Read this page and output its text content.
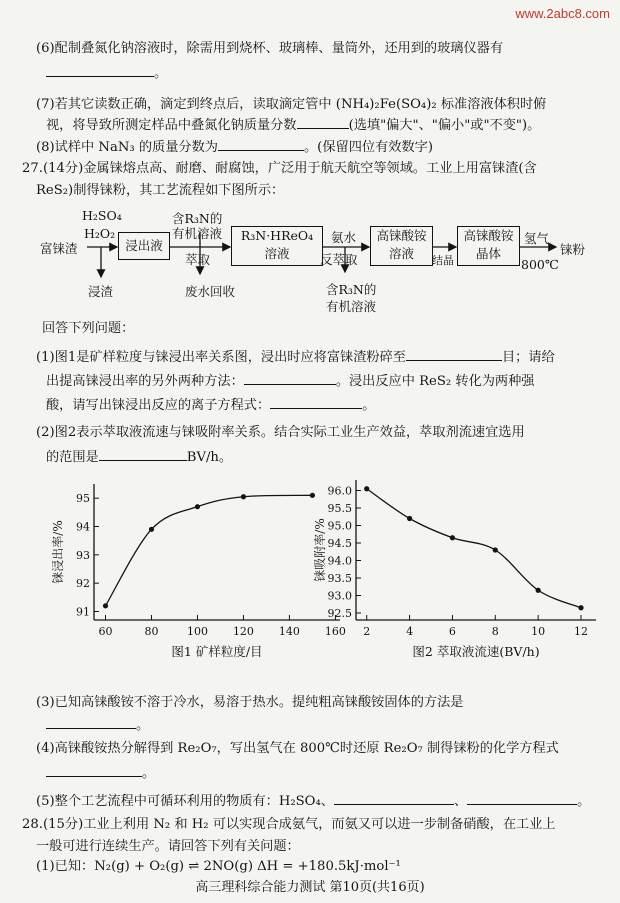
www.2abc8.com
(6)配制叠氮化钠溶液时，除需用到烧杯、玻璃棒、量筒外，还用到的玻璃仪器有
。
(7)若其它读数正确，滴定到终点后，读取滴定管中 (NH₄)₂Fe(SO₄)₂ 标准溶液体积时俯
视，将导致所测定样品中叠氮化钠质量分数	(选填"偏大"、"偏小"或"不变")。
(8)试样中 NaN₃ 的质量分数为	。(保留四位有效数字)
27.(14分)金属铼熔点高、耐磨、耐腐蚀，广泛用于航天航空等领域。工业上用富铼渣(含
ReS₂)制得铼粉，其工艺流程如下图所示：
H₂SO₄
H₂O₂
富铼渣	浸出液
含R₃N的
有机溶液
萃取
R₃N·HReO₄
溶液
氨水
反萃取
高铼酸铵
溶液	结晶
高铼酸铵
晶体
氢气
800℃
铼粉
浸渣	废水回收	含R₃N的
有机溶液
回答下列问题：
(1)图1是矿样粒度与铼浸出率关系图，浸出时应将富铼渣粉碎至	目；请给
出提高铼浸出率的另外两种方法：	。浸出反应中 ReS₂ 转化为两种强
酸，请写出铼浸出反应的离子方程式：	。
(2)图2表示萃取液流速与铼吸附率关系。结合实际工业生产效益，萃取剂流速宜选用
的范围是	BV/h。
91
92
93
94
95
60	80	100 120 140 160
铼浸出率/%
图1 矿样粒度/目
92.5
93.0
93.5
94.0
94.5
95.0
95.5
96.0
2	4	6	8	10	12
铼吸附率/%
图2 萃取液流速(BV/h)
(3)已知高铼酸铵不溶于冷水，易溶于热水。提纯粗高铼酸铵固体的方法是
。
(4)高铼酸铵热分解得到 Re₂O₇，写出氢气在 800℃时还原 Re₂O₇ 制得铼粉的化学方程式
。
(5)整个工艺流程中可循环利用的物质有：H₂SO₄、	、	。
28.(15分)工业上利用 N₂ 和 H₂ 可以实现合成氨气，而氨又可以进一步制备硝酸，在工业上
一般可进行连续生产。请回答下列有关问题：
(1)已知：N₂(g) + O₂(g) ⇌ 2NO(g) ΔH = +180.5kJ·mol⁻¹
高三理科综合能力测试 第10页(共16页)
